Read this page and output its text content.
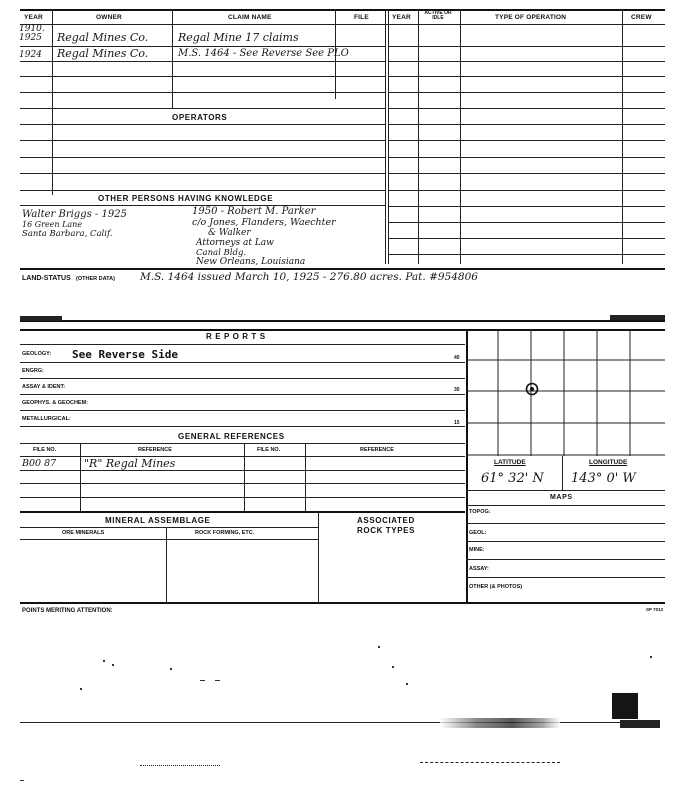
YEAR	OWNER	CLAIM NAME	FILE	YEAR
ACTIVE OR IDLE	TYPE OF OPERATION	CREW
1910.
1925 Regal Mines Co.	Regal Mine 17 claims
1924 Regal Mines Co.	M.S. 1464 - See Reverse See PLO
OPERATORS
OTHER PERSONS HAVING KNOWLEDGE
Walter Briggs - 1925
16 Green Lane
Santa Barbara, Calif.
1950 - Robert M. Parker
c/o Jones, Flanders, Waechter
& Walker
Attorneys at Law
Canal Bldg.
New Orleans, Louisiana
LAND-STATUS (OTHER DATA) M.S. 1464 issued March 10, 1925 - 276.80 acres. Pat. #954806
R E P O R T S
GEOLOGY: See Reverse Side
ENGRG:
ASSAY & IDENT:
GEOPHYS. & GEOCHEM:
METALLURGICAL:
40
30
15
GENERAL REFERENCES
FILE NO.	REFERENCE	FILE NO.	REFERENCE
B00 87	"R" Regal Mines
MINERAL ASSEMBLAGE	ASSOCIATED
ROCK TYPES
ORE MINERALS	ROCK FORMING, ETC.
LATITUDE	LONGITUDE
61° 32' N 143° 0' W
MAPS
TOPOG:
GEOL:
MINE:
ASSAY:
OTHER (& PHOTOS)
POINTS MERITING ATTENTION:	SP 7012
